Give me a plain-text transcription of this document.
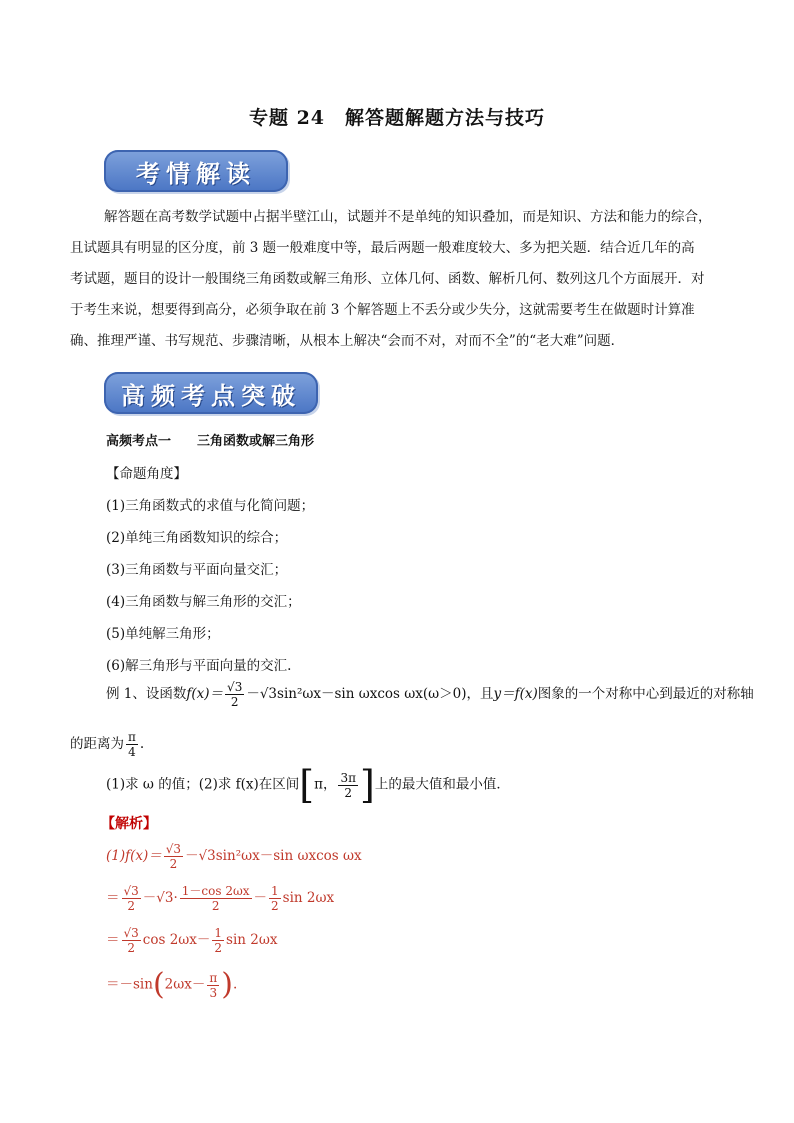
专题 24　解答题解题方法与技巧
考情解读

解答题在高考数学试题中占据半壁江山，试题并不是单纯的知识叠加，而是知识、方法和能力的综合，

且试题具有明显的区分度，前 3 题一般难度中等，最后两题一般难度较大、多为把关题．结合近几年的高

考试题，题目的设计一般围绕三角函数或解三角形、立体几何、函数、解析几何、数列这几个方面展开．对

于考生来说，想要得到高分，必须争取在前 3 个解答题上不丢分或少失分，这就需要考生在做题时计算准

确、推理严谨、书写规范、步骤清晰，从根本上解决“会而不对，对而不全”的“老大难”问题．

高频考点突破
高频考点一 三角函数或解三角形
【命题角度】
(1)三角函数式的求值与化简问题；
(2)单纯三角函数知识的综合；
(3)三角函数与平面向量交汇；
(4)三角函数与解三角形的交汇；
(5)单纯解三角形；
(6)解三角形与平面向量的交汇.
例 1、设函数$f(x)= \frac{√3}{2} -√3\sin^2\omega x-\sin$ ωxcos ωx(ω＞0)，且y＝f(x)图象的一个对称中心到最近的对称轴
的距离为 $\frac{\pi}{4}$ .
(1)求 ω 的值；(2)求 f(x)在区间[π， $\frac{3\pi}{2}$ ]上的最大值和最小值．
【解析】
$(1)f(x)= \frac{√3}{2} -√3\sin^2\omega x-\sin$ ωxcos ωx
＝ $\frac{√3}{2} -√3\cdot \frac{1-\cos 2\omega x}{2} - \frac{1}{2}$ sin 2ωx
＝ $\frac{√3}{2}$ $\cos 2\omega x- \frac{1}{2}$ sin 2ωx
$=-\sin(2\omega x- \frac{\pi}{3}$ ).
